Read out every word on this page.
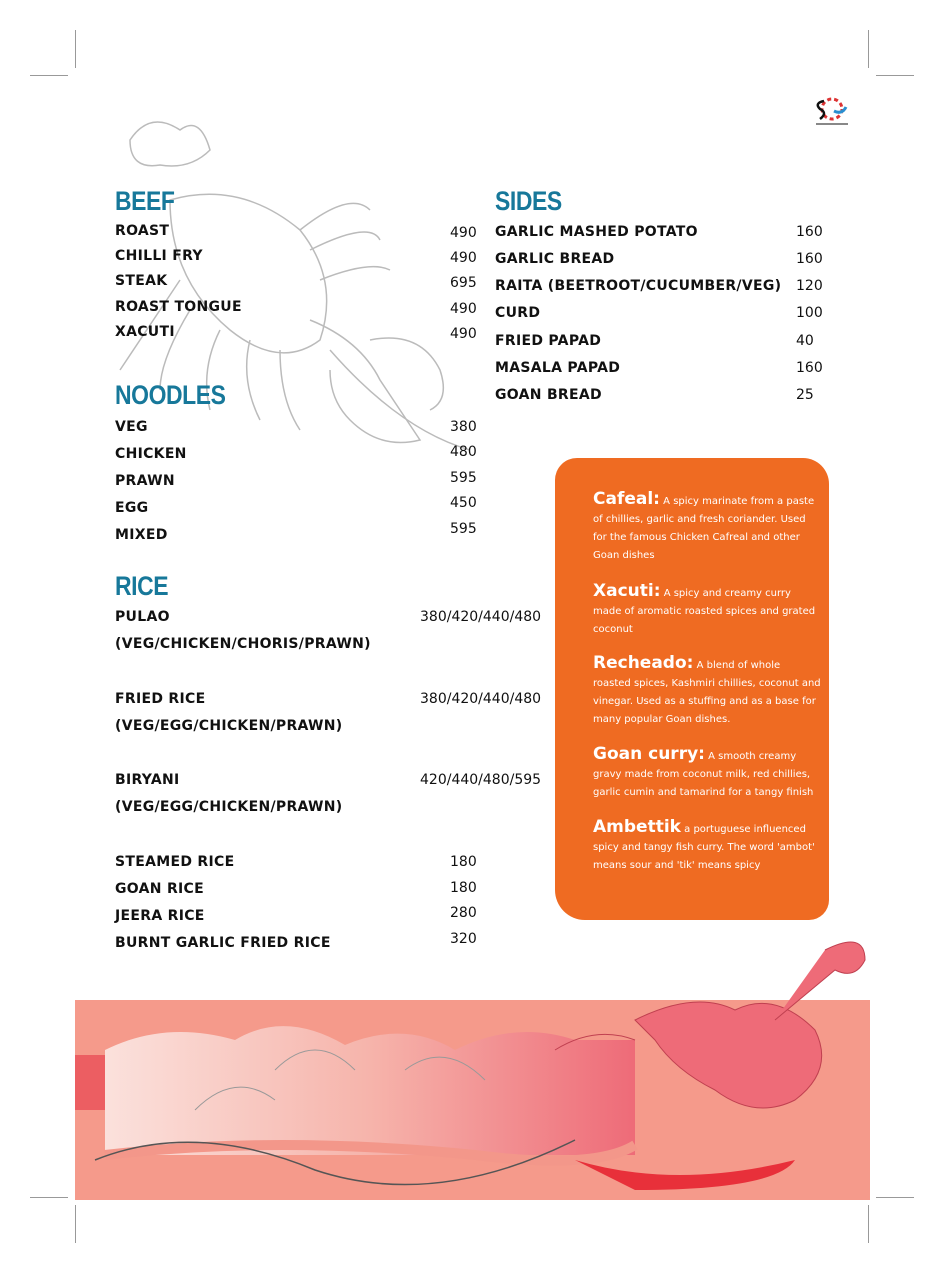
BEEF
ROAST	490
CHILLI FRY	490
STEAK	695
ROAST TONGUE	490
XACUTI	490
NOODLES
VEG	380
CHICKEN	480
PRAWN	595
EGG	450
MIXED	595
RICE
PULAO	380/420/440/480
(VEG/CHICKEN/CHORIS/PRAWN)
FRIED RICE	380/420/440/480
(VEG/EGG/CHICKEN/PRAWN)
BIRYANI	420/440/480/595
(VEG/EGG/CHICKEN/PRAWN)
STEAMED RICE	180
GOAN RICE	180
JEERA RICE	280
BURNT GARLIC FRIED RICE	320
SIDES
GARLIC MASHED POTATO	160
GARLIC BREAD	160
RAITA (BEETROOT/CUCUMBER/VEG) 120
CURD	100
FRIED PAPAD	40
MASALA PAPAD	160
GOAN BREAD	25
Cafeal: A spicy marinate from a paste of chillies, garlic and fresh coriander. Used for the famous Chicken Cafreal and other Goan dishes
Xacuti: A spicy and creamy curry made of aromatic roasted spices and grated coconut
Recheado: A blend of whole roasted spices, Kashmiri chillies, coconut and vinegar. Used as a stuffing and as a base for many popular Goan dishes.
Goan curry: A smooth creamy gravy made from coconut milk, red chillies, garlic cumin and tamarind for a tangy finish
Ambettik a portuguese influenced spicy and tangy fish curry. The word 'ambot' means sour and 'tik' means spicy
